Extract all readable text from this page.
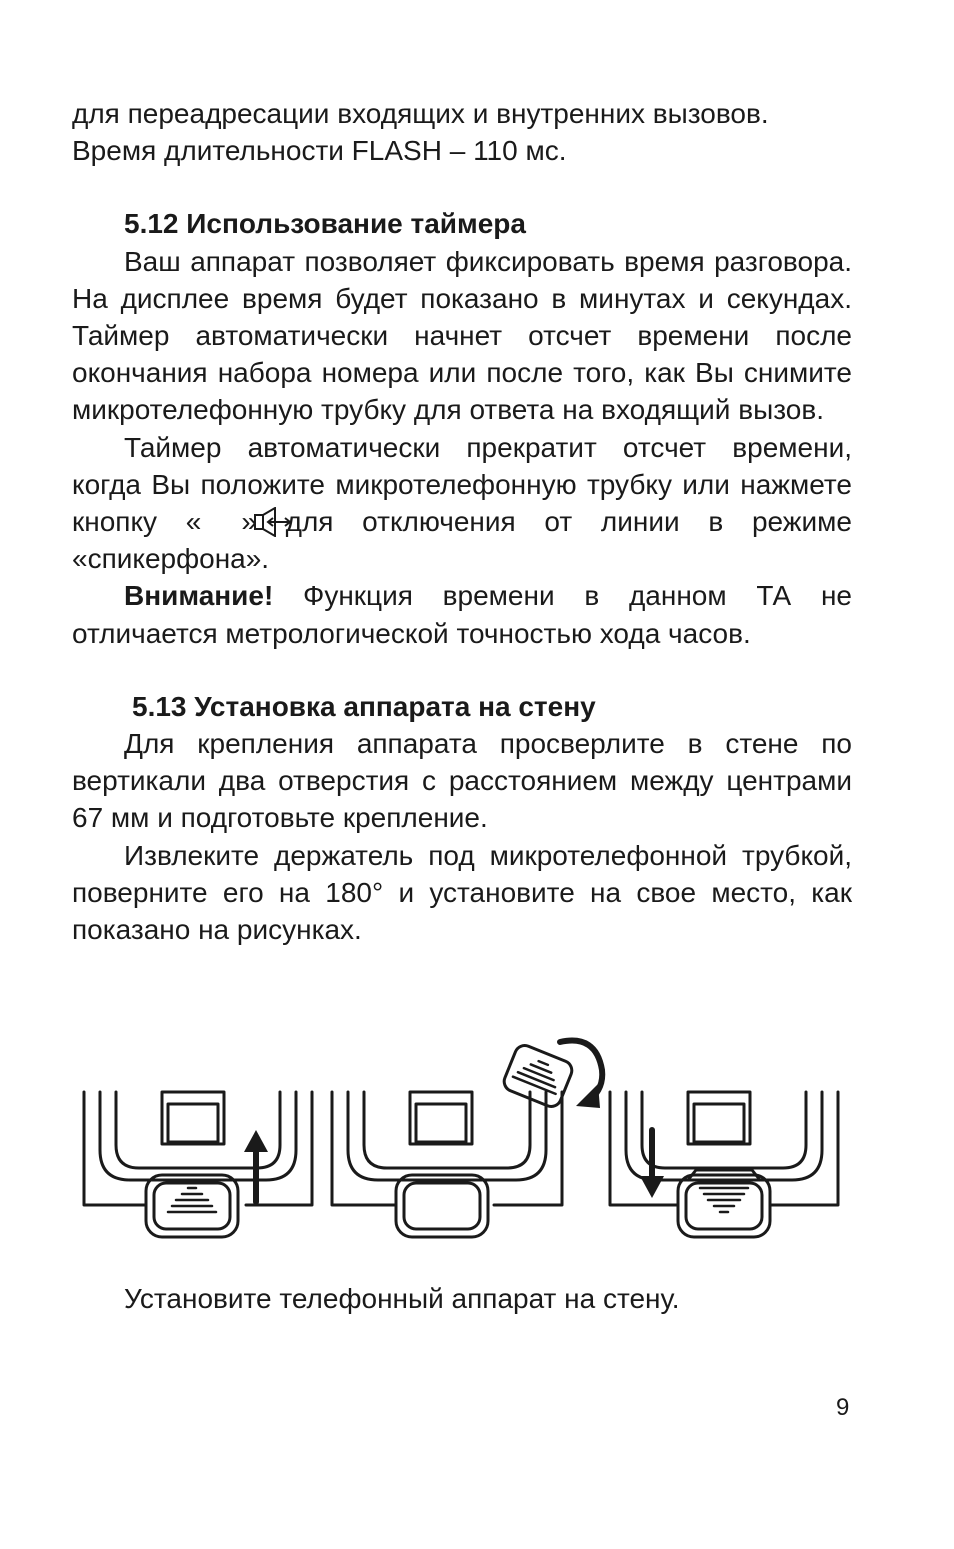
для переадресации входящих и внутренних вызовов.

Время длительности FLASH – 110 мс.

5.12 Использование таймера

Ваш аппарат позволяет фиксировать время разговора. На дисплее время будет показано в минутах и секундах. Таймер автоматически начнет отсчет времени после окончания набора номера или после того, как Вы снимите микротелефонную трубку для ответа на входящий вызов.

Таймер автоматически прекратит отсчет времени, когда Вы положите микротелефонную трубку или нажмете кнопку « » для отключения от линии в режиме «спикерфона».

Внимание! Функция времени в данном ТА не отличается метрологической точностью хода часов.

5.13 Установка аппарата на стену

Для крепления аппарата просверлите в стене по вертикали два отверстия с расстоянием между центрами 67 мм и подготовьте крепление.

Извлеките держатель под микротелефонной трубкой, поверните его на 180° и установите на свое место, как показано на рисунках.

Установите телефонный аппарат на стену.
9
